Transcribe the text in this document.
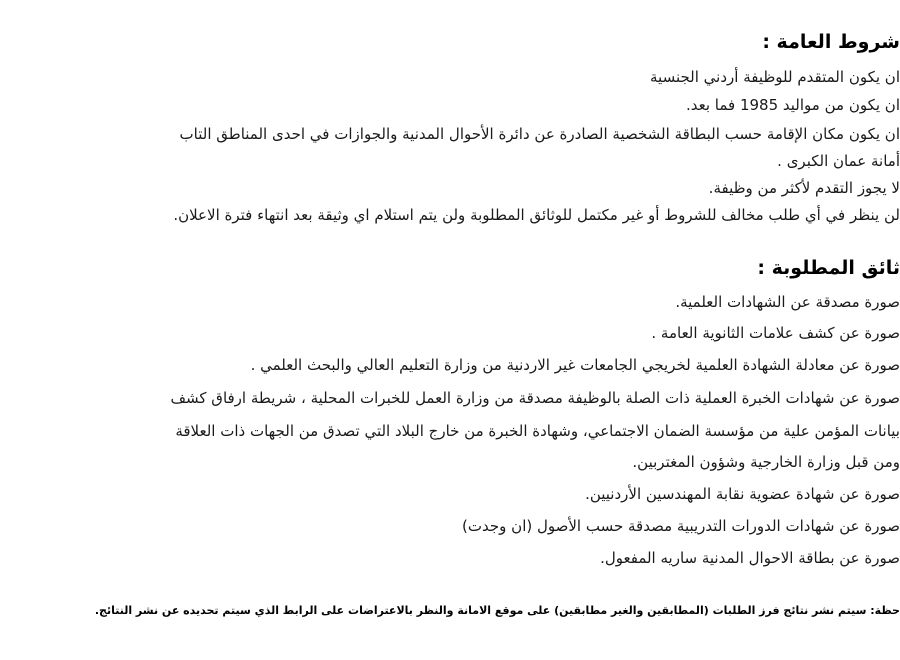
شروط العامة :
ان يكون المتقدم للوظيفة أردني الجنسية
ان يكون من مواليد 1985 فما بعد.
ان يكون مكان الإقامة حسب البطاقة الشخصية الصادرة عن دائرة الأحوال المدنية والجوازات في احدى المناطق التاب
أمانة عمان الكبرى .
لا يجوز التقدم لأكثر من وظيفة.
لن ينظر في أي طلب مخالف للشروط أو غير مكتمل للوثائق المطلوبة ولن يتم استلام اي وثيقة بعد انتهاء فترة الاعلان.
ثائق المطلوبة :
صورة مصدقة عن الشهادات العلمية.
صورة عن كشف علامات الثانوية العامة .
صورة عن معادلة الشهادة العلمية لخريجي الجامعات غير الاردنية من وزارة التعليم العالي والبحث العلمي .
صورة عن شهادات الخبرة العملية ذات الصلة بالوظيفة مصدقة من وزارة العمل للخبرات المحلية ، شريطة ارفاق كشف
بيانات المؤمن علية من مؤسسة الضمان الاجتماعي، وشهادة الخبرة من خارج البلاد التي تصدق من الجهات ذات العلاقة
ومن قبل وزارة الخارجية وشؤون المغتربين.
صورة عن شهادة عضوية نقابة المهندسين الأردنيين.
صورة عن شهادات الدورات التدريبية مصدقة حسب الأصول (ان وجدت)
صورة عن بطاقة الاحوال المدنية ساريه المفعول.
حظة: سيتم نشر نتائج فرز الطلبات (المطابقين والغير مطابقين) على موقع الامانة والنظر بالاعتراضات على الرابط الذي سيتم تحديده عن نشر النتائج.
